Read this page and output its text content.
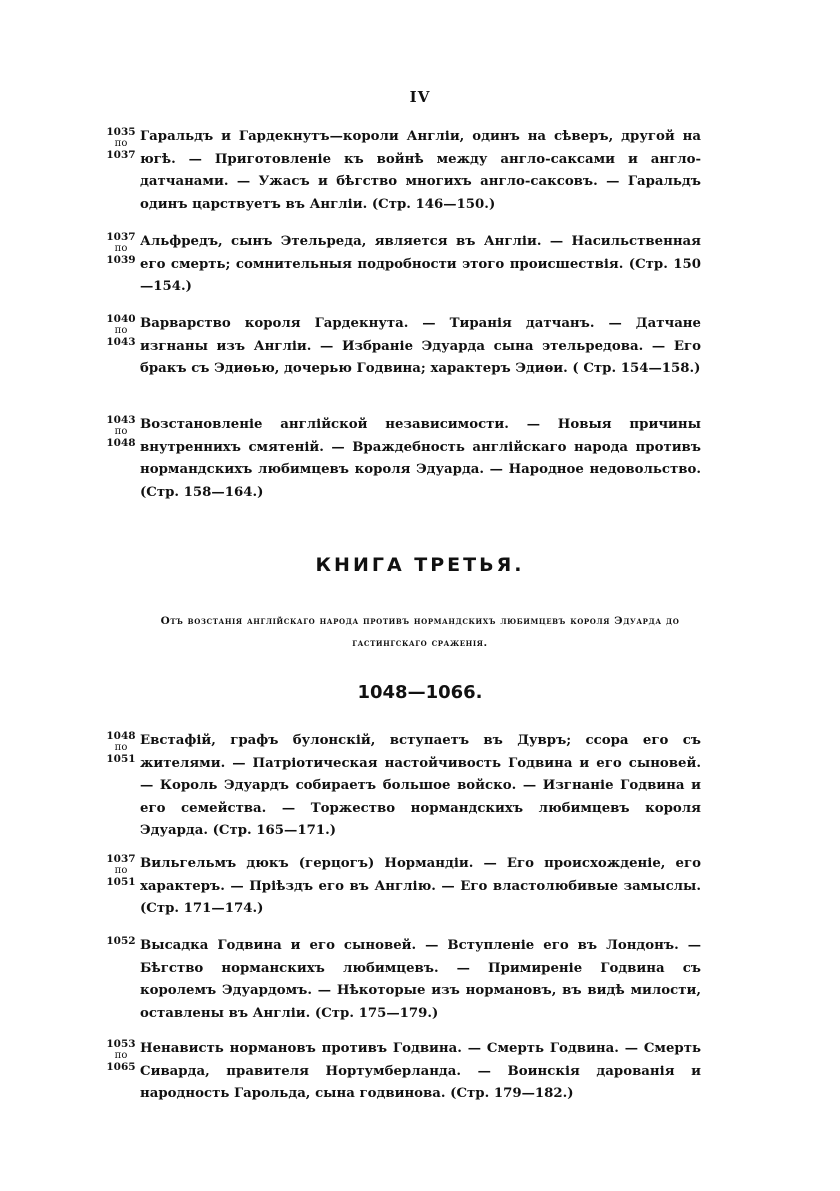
IV
1035
по
1037
Гаральдъ и Гардекнутъ—короли Англіи, одинъ на сѣверъ, другой на югѣ. — Приготовленіе къ войнѣ между англо-саксами и англо-датчанами. — Ужасъ и бѣгство многихъ англо-саксовъ. — Гаральдъ одинъ царствуетъ въ Англіи. (Стр. 146—150.)
1037
по
1039
Альфредъ, сынъ Этельреда, является въ Англіи. — Насильственная его смерть; сомнительныя подробности этого происшествія. (Стр. 150—154.)
1040
по
1043
Варварство короля Гардекнута. — Тиранія датчанъ. — Датчане изгнаны изъ Англіи. — Избраніе Эдуарда сына этельредова. — Его бракъ съ Эдиѳью, дочерью Годвина; характеръ Эдиѳи. ( Стр. 154—158.)
1043
по
1048
Возстановленіе англійской независимости. — Новыя причины внутреннихъ смятеній. — Враждебность англійскаго народа противъ нормандскихъ любимцевъ короля Эдуарда. — Народное недовольство. (Стр. 158—164.)
КНИГА ТРЕТЬЯ.
Отъ возстанія англійскаго народа противъ нормандскихъ любимцевъ короля Эдуарда до гастингскаго сраженія.
1048—1066.
1048
по
1051
Евстафій, графъ булонскій, вступаетъ въ Дувръ; ссора его съ жителями. — Патріотическая настойчивость Годвина и его сыновей. — Король Эдуардъ собираетъ большое войско. — Изгнаніе Годвина и его семейства. — Торжество нормандскихъ любимцевъ короля Эдуарда. (Стр. 165—171.)
1037
по
1051
Вильгельмъ дюкъ (герцогъ) Нормандіи. — Его происхожденіе, его характеръ. — Пріѣздъ его въ Англію. — Его властолюбивые замыслы. (Стр. 171—174.)
1052 Высадка Годвина и его сыновей. — Вступленіе его въ Лондонъ. — Бѣгство норманскихъ любимцевъ. — Примиреніе Годвина съ королемъ Эдуардомъ. — Нѣкоторые изъ нормановъ, въ видѣ милости, оставлены въ Англіи. (Стр. 175—179.)
1053
по
1065
Ненависть нормановъ противъ Годвина. — Смерть Годвина. — Смерть Сиварда, правителя Нортумберланда. — Воинскія дарованія и народность Гарольда, сына годвинова. (Стр. 179—182.)
